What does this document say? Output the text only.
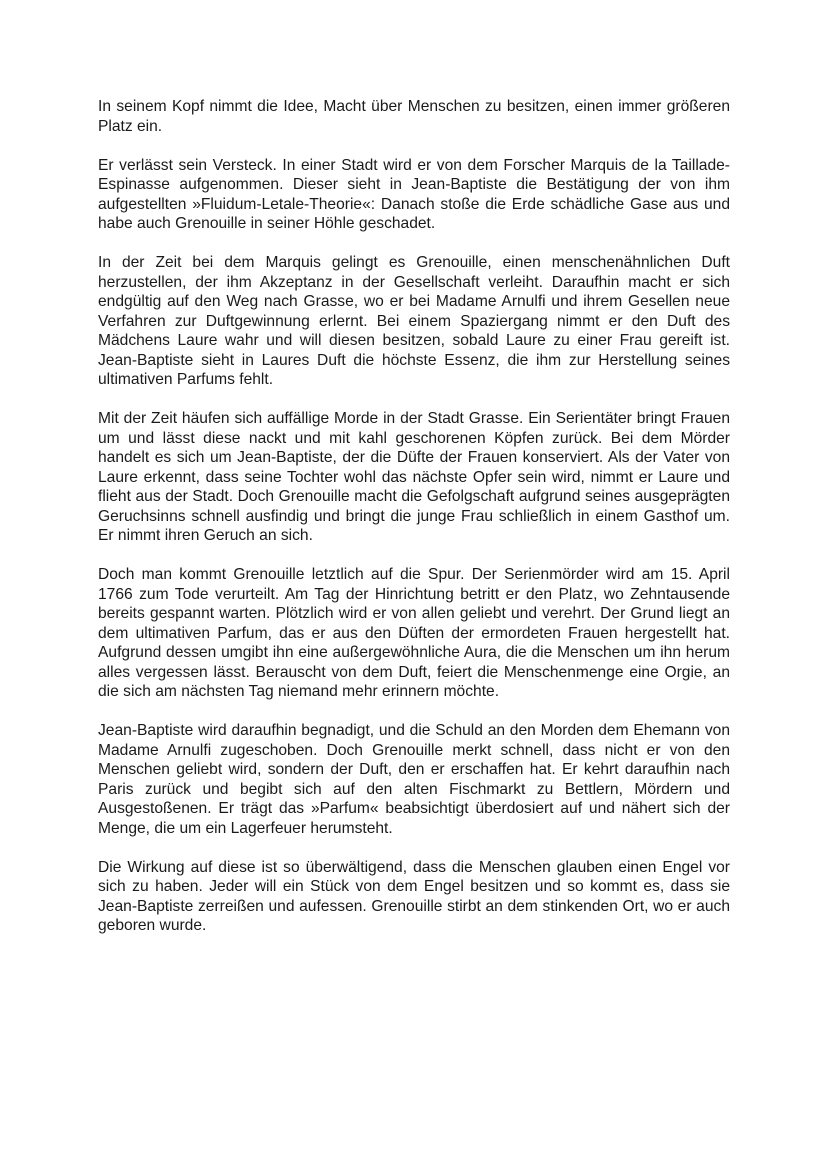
In seinem Kopf nimmt die Idee, Macht über Menschen zu besitzen, einen immer größeren Platz ein.

Er verlässt sein Versteck. In einer Stadt wird er von dem Forscher Marquis de la Taillade-Espinasse aufgenommen. Dieser sieht in Jean-Baptiste die Bestätigung der von ihm aufgestellten »Fluidum-Letale-Theorie«: Danach stoße die Erde schädliche Gase aus und habe auch Grenouille in seiner Höhle geschadet.

In der Zeit bei dem Marquis gelingt es Grenouille, einen menschenähnlichen Duft herzustellen, der ihm Akzeptanz in der Gesellschaft verleiht. Daraufhin macht er sich endgültig auf den Weg nach Grasse, wo er bei Madame Arnulfi und ihrem Gesellen neue Verfahren zur Duftgewinnung erlernt. Bei einem Spaziergang nimmt er den Duft des Mädchens Laure wahr und will diesen besitzen, sobald Laure zu einer Frau gereift ist. Jean-Baptiste sieht in Laures Duft die höchste Essenz, die ihm zur Herstellung seines ultimativen Parfums fehlt.

Mit der Zeit häufen sich auffällige Morde in der Stadt Grasse. Ein Serientäter bringt Frauen um und lässt diese nackt und mit kahl geschorenen Köpfen zurück. Bei dem Mörder handelt es sich um Jean-Baptiste, der die Düfte der Frauen konserviert. Als der Vater von Laure erkennt, dass seine Tochter wohl das nächste Opfer sein wird, nimmt er Laure und flieht aus der Stadt. Doch Grenouille macht die Gefolgschaft aufgrund seines ausgeprägten Geruchsinns schnell ausfindig und bringt die junge Frau schließlich in einem Gasthof um. Er nimmt ihren Geruch an sich.

Doch man kommt Grenouille letztlich auf die Spur. Der Serienmörder wird am 15. April 1766 zum Tode verurteilt. Am Tag der Hinrichtung betritt er den Platz, wo Zehntausende bereits gespannt warten. Plötzlich wird er von allen geliebt und verehrt. Der Grund liegt an dem ultimativen Parfum, das er aus den Düften der ermordeten Frauen hergestellt hat. Aufgrund dessen umgibt ihn eine außergewöhnliche Aura, die die Menschen um ihn herum alles vergessen lässt. Berauscht von dem Duft, feiert die Menschenmenge eine Orgie, an die sich am nächsten Tag niemand mehr erinnern möchte.

Jean-Baptiste wird daraufhin begnadigt, und die Schuld an den Morden dem Ehemann von Madame Arnulfi zugeschoben. Doch Grenouille merkt schnell, dass nicht er von den Menschen geliebt wird, sondern der Duft, den er erschaffen hat. Er kehrt daraufhin nach Paris zurück und begibt sich auf den alten Fischmarkt zu Bettlern, Mördern und Ausgestoßenen. Er trägt das »Parfum« beabsichtigt überdosiert auf und nähert sich der Menge, die um ein Lagerfeuer herumsteht.

Die Wirkung auf diese ist so überwältigend, dass die Menschen glauben einen Engel vor sich zu haben. Jeder will ein Stück von dem Engel besitzen und so kommt es, dass sie Jean-Baptiste zerreißen und aufessen. Grenouille stirbt an dem stinkenden Ort, wo er auch geboren wurde.
